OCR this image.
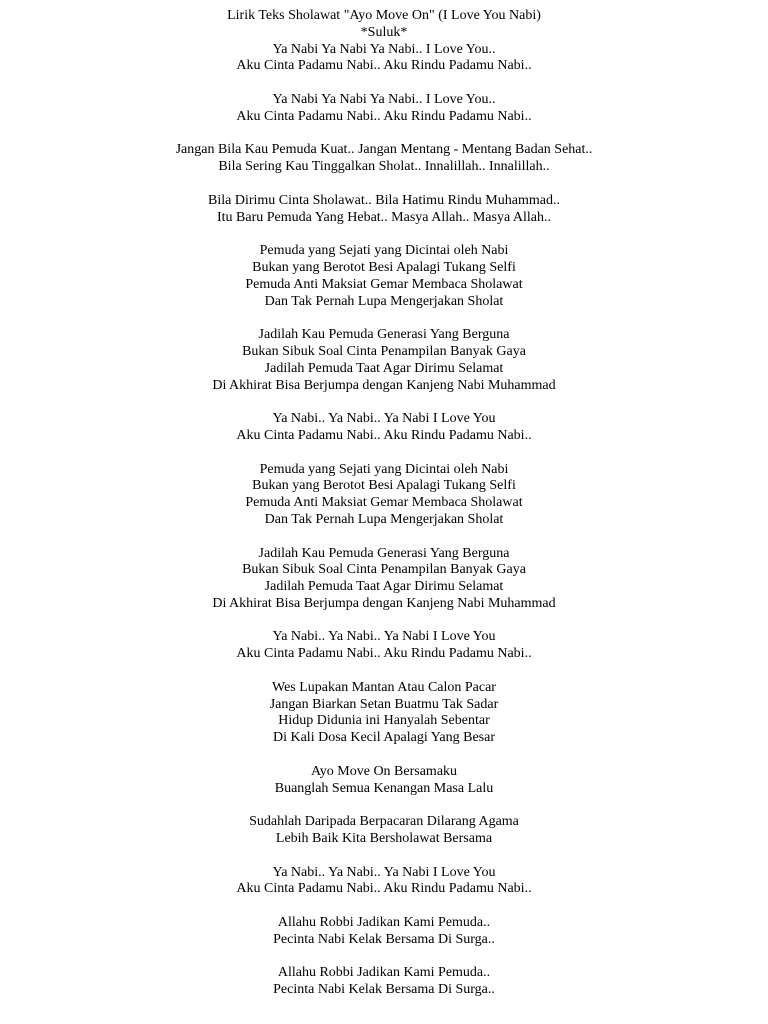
Lirik Teks Sholawat "Ayo Move On" (I Love You Nabi)
*Suluk*
Ya Nabi Ya Nabi Ya Nabi.. I Love You..
Aku Cinta Padamu Nabi.. Aku Rindu Padamu Nabi..
Ya Nabi Ya Nabi Ya Nabi.. I Love You..
Aku Cinta Padamu Nabi.. Aku Rindu Padamu Nabi..
Jangan Bila Kau Pemuda Kuat.. Jangan Mentang - Mentang Badan Sehat..
Bila Sering Kau Tinggalkan Sholat.. Innalillah.. Innalillah..
Bila Dirimu Cinta Sholawat.. Bila Hatimu Rindu Muhammad..
Itu Baru Pemuda Yang Hebat.. Masya Allah.. Masya Allah..
Pemuda yang Sejati yang Dicintai oleh Nabi
Bukan yang Berotot Besi Apalagi Tukang Selfi
Pemuda Anti Maksiat Gemar Membaca Sholawat
Dan Tak Pernah Lupa Mengerjakan Sholat
Jadilah Kau Pemuda Generasi Yang Berguna
Bukan Sibuk Soal Cinta Penampilan Banyak Gaya
Jadilah Pemuda Taat Agar Dirimu Selamat
Di Akhirat Bisa Berjumpa dengan Kanjeng Nabi Muhammad
Ya Nabi.. Ya Nabi.. Ya Nabi I Love You
Aku Cinta Padamu Nabi.. Aku Rindu Padamu Nabi..
Pemuda yang Sejati yang Dicintai oleh Nabi
Bukan yang Berotot Besi Apalagi Tukang Selfi
Pemuda Anti Maksiat Gemar Membaca Sholawat
Dan Tak Pernah Lupa Mengerjakan Sholat
Jadilah Kau Pemuda Generasi Yang Berguna
Bukan Sibuk Soal Cinta Penampilan Banyak Gaya
Jadilah Pemuda Taat Agar Dirimu Selamat
Di Akhirat Bisa Berjumpa dengan Kanjeng Nabi Muhammad
Ya Nabi.. Ya Nabi.. Ya Nabi I Love You
Aku Cinta Padamu Nabi.. Aku Rindu Padamu Nabi..
Wes Lupakan Mantan Atau Calon Pacar
Jangan Biarkan Setan Buatmu Tak Sadar
Hidup Didunia ini Hanyalah Sebentar
Di Kali Dosa Kecil Apalagi Yang Besar
Ayo Move On Bersamaku
Buanglah Semua Kenangan Masa Lalu
Sudahlah Daripada Berpacaran Dilarang Agama
Lebih Baik Kita Bersholawat Bersama
Ya Nabi.. Ya Nabi.. Ya Nabi I Love You
Aku Cinta Padamu Nabi.. Aku Rindu Padamu Nabi..
Allahu Robbi Jadikan Kami Pemuda..
Pecinta Nabi Kelak Bersama Di Surga..
Allahu Robbi Jadikan Kami Pemuda..
Pecinta Nabi Kelak Bersama Di Surga..
